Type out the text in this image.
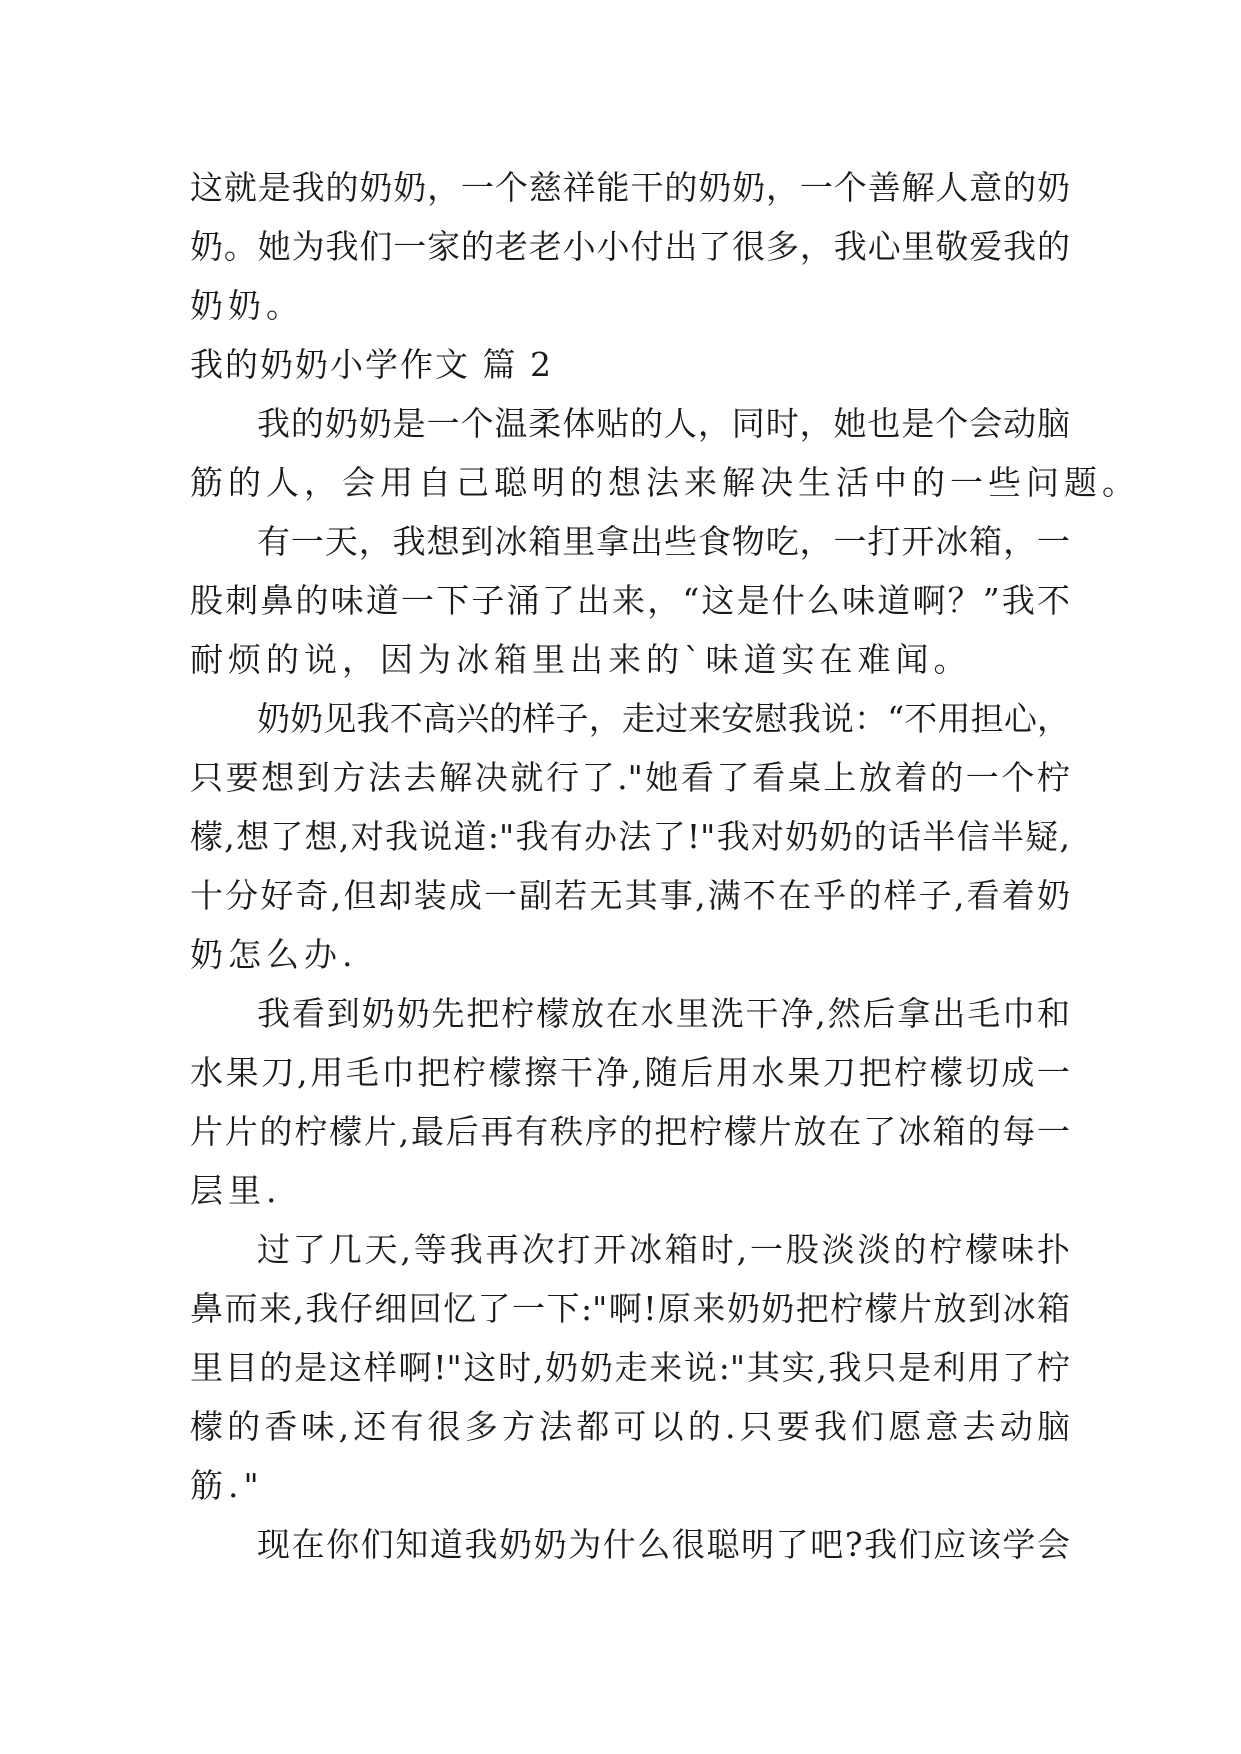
这就是我的奶奶，一个慈祥能干的奶奶，一个善解人意的奶
奶。她为我们一家的老老小小付出了很多，我心里敬爱我的
奶奶。
我的奶奶小学作文 篇 2
我的奶奶是一个温柔体贴的人，同时，她也是个会动脑
筋的人，会用自己聪明的想法来解决生活中的一些问题。
有一天，我想到冰箱里拿出些食物吃，一打开冰箱，一
股刺鼻的味道一下子涌了出来，“这是什么味道啊？”我不
耐烦的说，因为冰箱里出来的`味道实在难闻。
奶奶见我不高兴的样子，走过来安慰我说：“不用担心，
只要想到方法去解决就行了."她看了看桌上放着的一个柠
檬,想了想,对我说道:"我有办法了!"我对奶奶的话半信半疑,
十分好奇,但却装成一副若无其事,满不在乎的样子,看着奶
奶怎么办.
我看到奶奶先把柠檬放在水里洗干净,然后拿出毛巾和
水果刀,用毛巾把柠檬擦干净,随后用水果刀把柠檬切成一
片片的柠檬片,最后再有秩序的把柠檬片放在了冰箱的每一
层里.
过了几天,等我再次打开冰箱时,一股淡淡的柠檬味扑
鼻而来,我仔细回忆了一下:"啊!原来奶奶把柠檬片放到冰箱
里目的是这样啊!"这时,奶奶走来说:"其实,我只是利用了柠
檬的香味,还有很多方法都可以的.只要我们愿意去动脑
筋."
现在你们知道我奶奶为什么很聪明了吧?我们应该学会
